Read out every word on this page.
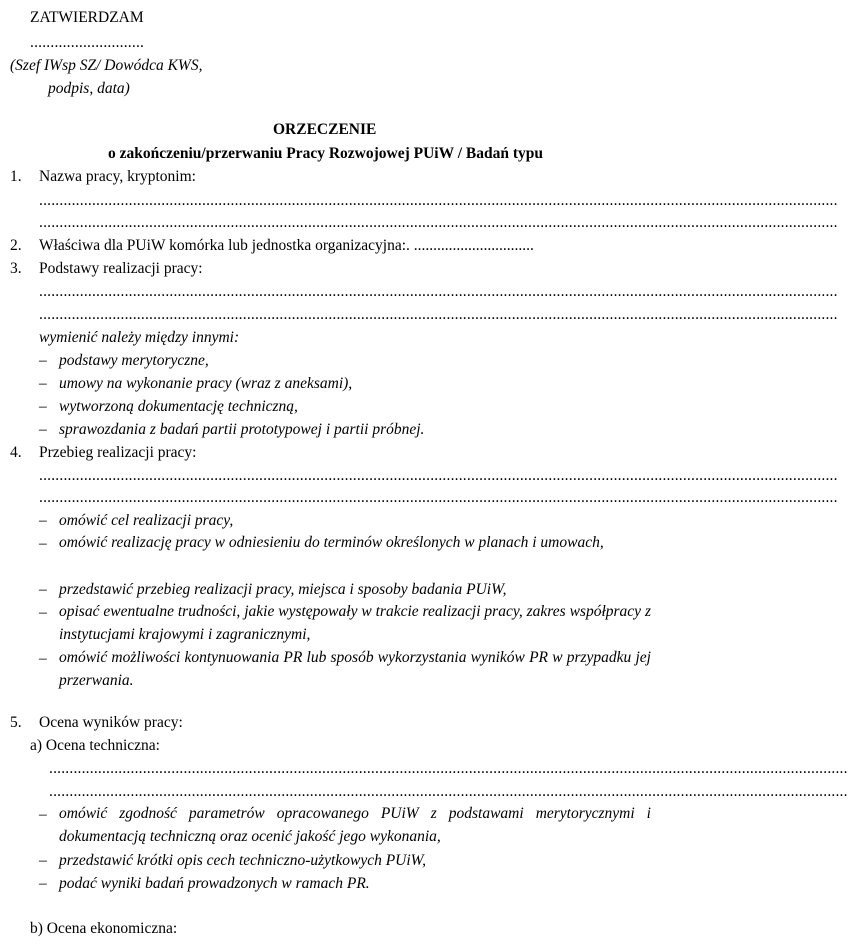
ZATWIERDZAM
............................
(Szef IWsp SZ/ Dowódca KWS,
podpis, data)
ORZECZENIE
o zakończeniu/przerwaniu Pracy Rozwojowej PUiW / Badań typu
1. Nazwa pracy, kryptonim:
....................................................................................................................................................................................................
....................................................................................................................................................................................................
2. Właściwa dla PUiW komórka lub jednostka organizacyjna:. ...............................
3. Podstawy realizacji pracy:
....................................................................................................................................................................................................
....................................................................................................................................................................................................
wymienić należy między innymi:
– podstawy merytoryczne,
– umowy na wykonanie pracy (wraz z aneksami),
– wytworzoną dokumentację techniczną,
– sprawozdania z badań partii prototypowej i partii próbnej.
4. Przebieg realizacji pracy:
....................................................................................................................................................................................................
....................................................................................................................................................................................................
– omówić cel realizacji pracy,
– omówić realizację pracy w odniesieniu do terminów określonych w planach i umowach,
– przedstawić przebieg realizacji pracy, miejsca i sposoby badania PUiW,
– opisać ewentualne trudności, jakie występowały w trakcie realizacji pracy, zakres współpracy z instytucjami krajowymi i zagranicznymi,
– omówić możliwości kontynuowania PR lub sposób wykorzystania wyników PR w przypadku jej przerwania.
5. Ocena wyników pracy:
a) Ocena techniczna:
....................................................................................................................................................................................................
....................................................................................................................................................................................................
– omówić zgodność parametrów opracowanego PUiW z podstawami merytorycznymi i dokumentacją techniczną oraz ocenić jakość jego wykonania,
– przedstawić krótki opis cech techniczno-użytkowych PUiW,
– podać wyniki badań prowadzonych w ramach PR.
b) Ocena ekonomiczna:
